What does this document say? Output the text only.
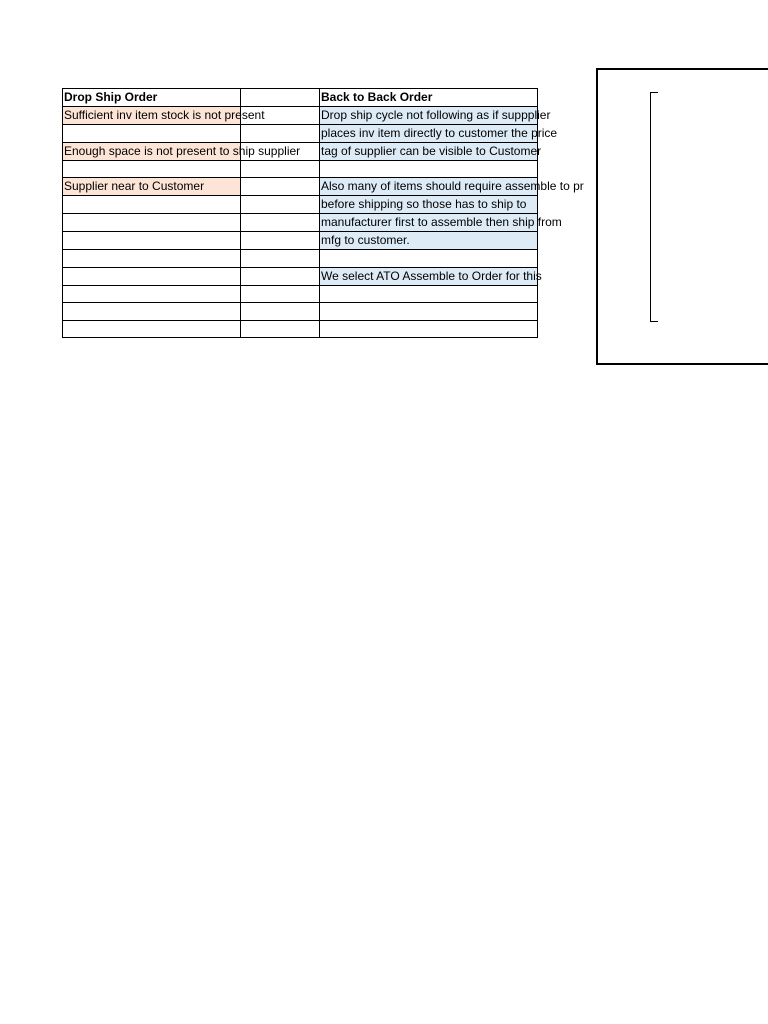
Drop Ship Order		Back to Back Order
Sufficient inv item stock is not present		Drop ship cycle not following as if suppplier
		places inv item directly to customer the price
Enough space is not present to ship supplier		tag of supplier can be visible to Customer

Supplier near to Customer		Also many of items should require assemble to pr
		before shipping so those has to ship to
		manufacturer first to assemble then ship from
		mfg to customer.

		We select ATO Assemble to Order for this
